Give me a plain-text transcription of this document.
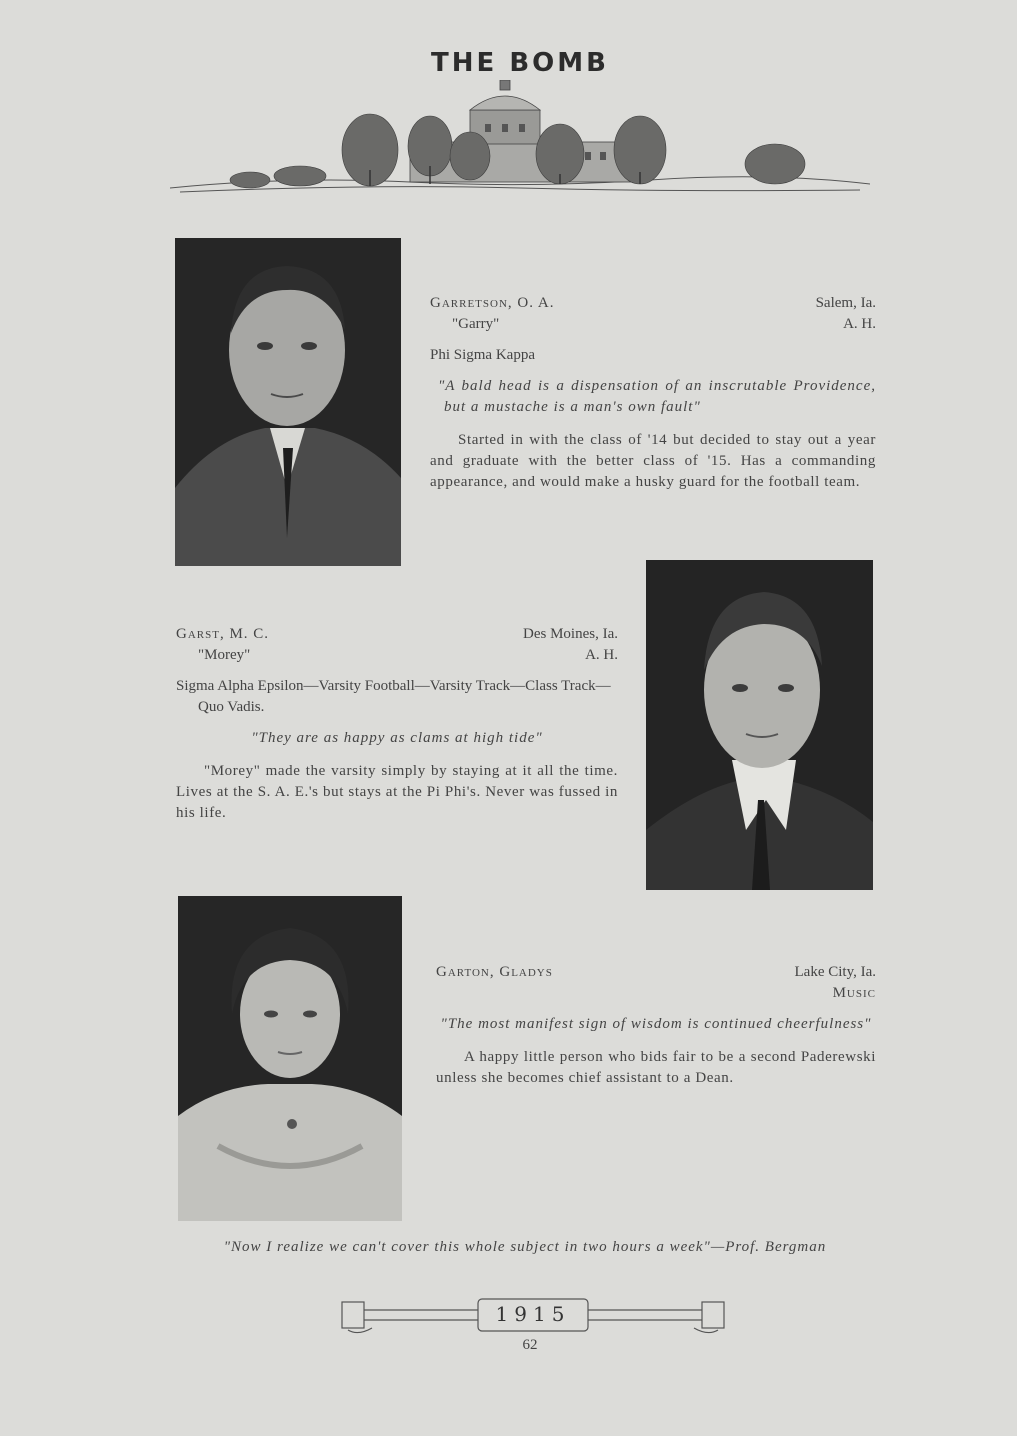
THE BOMB
Garretson, O. A.	Salem, Ia.
"Garry"	A. H.
Phi Sigma Kappa
"A bald head is a dispensation of an inscrutable Providence, but a mustache is a man's own fault"
Started in with the class of '14 but decided to stay out a year and graduate with the better class of '15. Has a commanding appearance, and would make a husky guard for the football team.
Garst, M. C.	Des Moines, Ia.
"Morey"	A. H.
Sigma Alpha Epsilon—Varsity Football—Varsity Track—Class Track—Quo Vadis.
"They are as happy as clams at high tide"
"Morey" made the varsity simply by staying at it all the time. Lives at the S. A. E.'s but stays at the Pi Phi's. Never was fussed in his life.
Garton, Gladys	Lake City, Ia.
Music
"The most manifest sign of wisdom is continued cheerfulness"
A happy little person who bids fair to be a second Paderewski unless she becomes chief assistant to a Dean.
"Now I realize we can't cover this whole subject in two hours a week"—Prof. Bergman
1915
62
